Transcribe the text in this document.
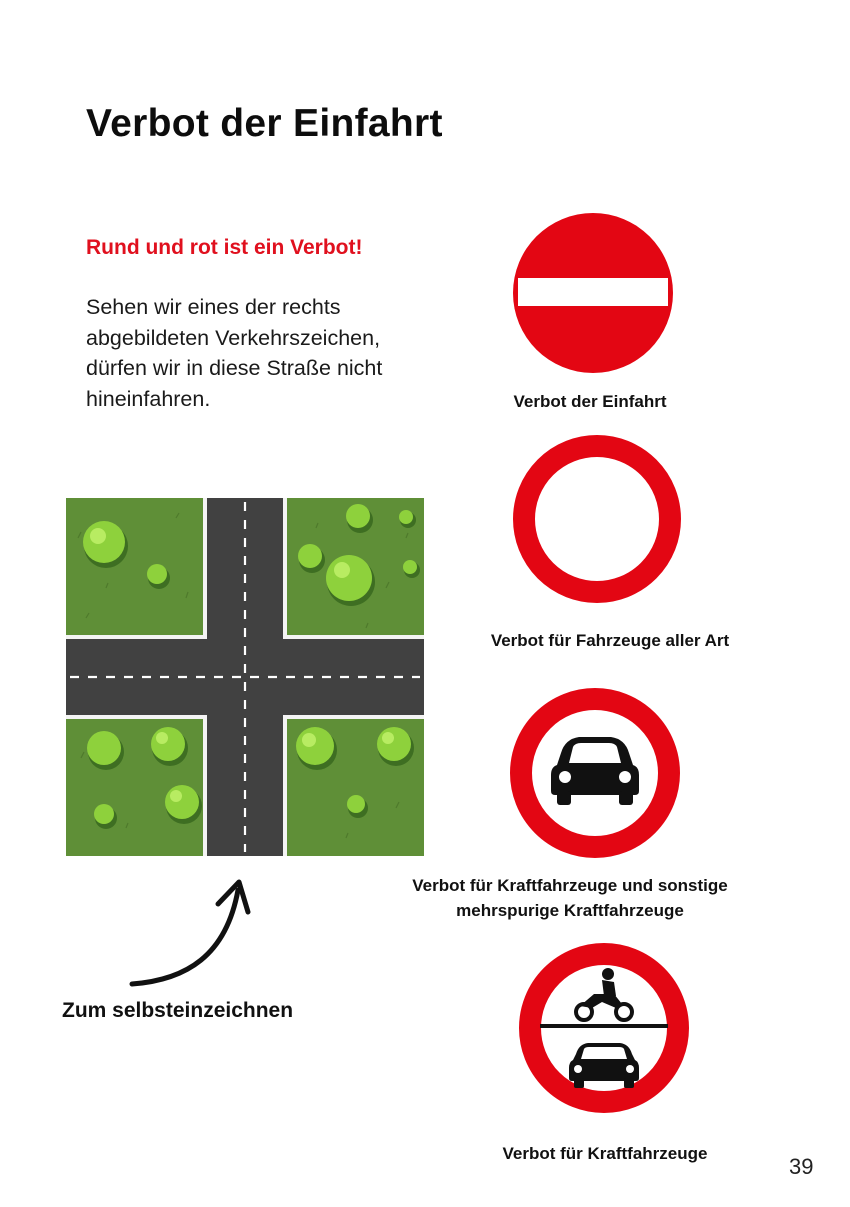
Verbot der Einfahrt
Rund und rot ist ein Verbot!
Sehen wir eines der rechts abgebildeten Verkehrszeichen, dürfen wir in diese Straße nicht hineinfahren.
Zum selbsteinzeichnen
Verbot der Einfahrt
Verbot für Fahrzeuge aller Art
Verbot für Kraftfahrzeuge und sonstige mehrspurige Kraftfahrzeuge
Verbot für Kraftfahrzeuge
39
